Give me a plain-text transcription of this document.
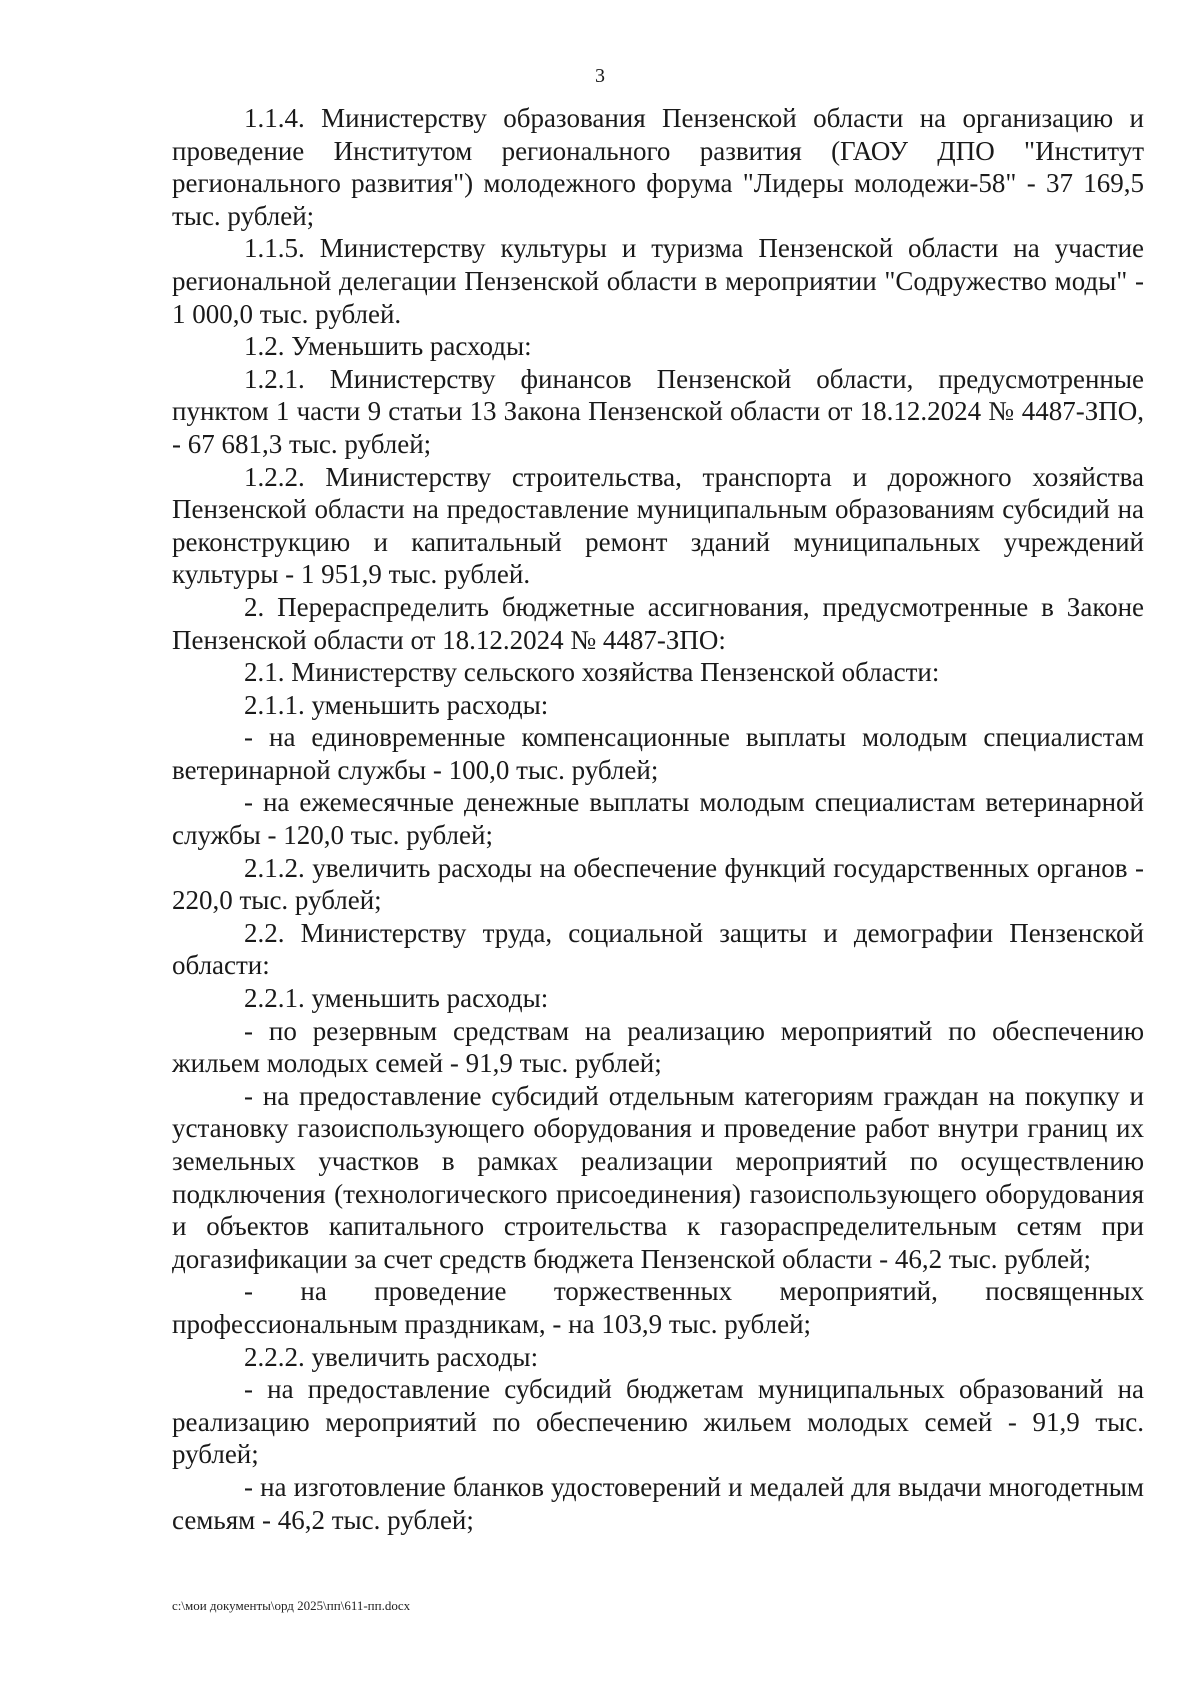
3

1.1.4. Министерству образования Пензенской области на организацию и проведение Институтом регионального развития (ГАОУ ДПО "Институт регионального развития") молодежного форума "Лидеры молодежи-58" - 37 169,5 тыс. рублей;

1.1.5. Министерству культуры и туризма Пензенской области на участие региональной делегации Пензенской области в мероприятии "Содружество моды" - 1 000,0 тыс. рублей.

1.2. Уменьшить расходы:

1.2.1. Министерству финансов Пензенской области, предусмотренные пунктом 1 части 9 статьи 13 Закона Пензенской области от 18.12.2024 № 4487-ЗПО, - 67 681,3 тыс. рублей;

1.2.2. Министерству строительства, транспорта и дорожного хозяйства Пензенской области на предоставление муниципальным образованиям субсидий на реконструкцию и капитальный ремонт зданий муниципальных учреждений культуры - 1 951,9 тыс. рублей.

2. Перераспределить бюджетные ассигнования, предусмотренные в Законе Пензенской области от 18.12.2024 № 4487-ЗПО:

2.1. Министерству сельского хозяйства Пензенской области:

2.1.1. уменьшить расходы:

- на единовременные компенсационные выплаты молодым специалистам ветеринарной службы - 100,0 тыс. рублей;

- на ежемесячные денежные выплаты молодым специалистам ветеринарной службы - 120,0 тыс. рублей;

2.1.2. увеличить расходы на обеспечение функций государственных органов - 220,0 тыс. рублей;

2.2. Министерству труда, социальной защиты и демографии Пензенской области:

2.2.1. уменьшить расходы:

- по резервным средствам на реализацию мероприятий по обеспечению жильем молодых семей - 91,9 тыс. рублей;

- на предоставление субсидий отдельным категориям граждан на покупку и установку газоиспользующего оборудования и проведение работ внутри границ их земельных участков в рамках реализации мероприятий по осуществлению подключения (технологического присоединения) газоиспользующего оборудования и объектов капитального строительства к газораспределительным сетям при догазификации за счет средств бюджета Пензенской области - 46,2 тыс. рублей;

- на проведение торжественных мероприятий, посвященных профессиональным праздникам, - на 103,9 тыс. рублей;

2.2.2. увеличить расходы:

- на предоставление субсидий бюджетам муниципальных образований на реализацию мероприятий по обеспечению жильем молодых семей - 91,9 тыс. рублей;

- на изготовление бланков удостоверений и медалей для выдачи многодетным семьям - 46,2 тыс. рублей;

c:\мои документы\орд 2025\пп\611-пп.docx
